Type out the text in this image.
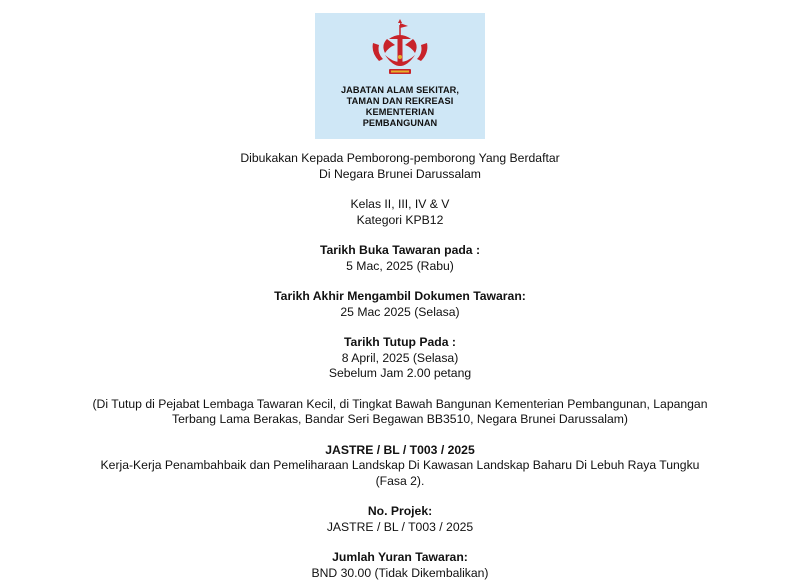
JABATAN ALAM SEKITAR,
TAMAN DAN REKREASI
KEMENTERIAN
PEMBANGUNAN

Dibukakan Kepada Pemborong-pemborong Yang Berdaftar

Di Negara Brunei Darussalam

Kelas II, III, IV & V

Kategori KPB12

Tarikh Buka Tawaran pada :

5 Mac, 2025 (Rabu)

Tarikh Akhir Mengambil Dokumen Tawaran:

25 Mac 2025 (Selasa)

Tarikh Tutup Pada :

8 April, 2025 (Selasa)

Sebelum Jam 2.00 petang

(Di Tutup di Pejabat Lembaga Tawaran Kecil, di Tingkat Bawah Bangunan Kementerian Pembangunan, Lapangan

Terbang Lama Berakas, Bandar Seri Begawan BB3510, Negara Brunei Darussalam)

JASTRE / BL / T003 / 2025

Kerja-Kerja Penambahbaik dan Pemeliharaan Landskap Di Kawasan Landskap Baharu Di Lebuh Raya Tungku

(Fasa 2).

No. Projek:

JASTRE / BL / T003 / 2025

Jumlah Yuran Tawaran:

BND 30.00 (Tidak Dikembalikan)
